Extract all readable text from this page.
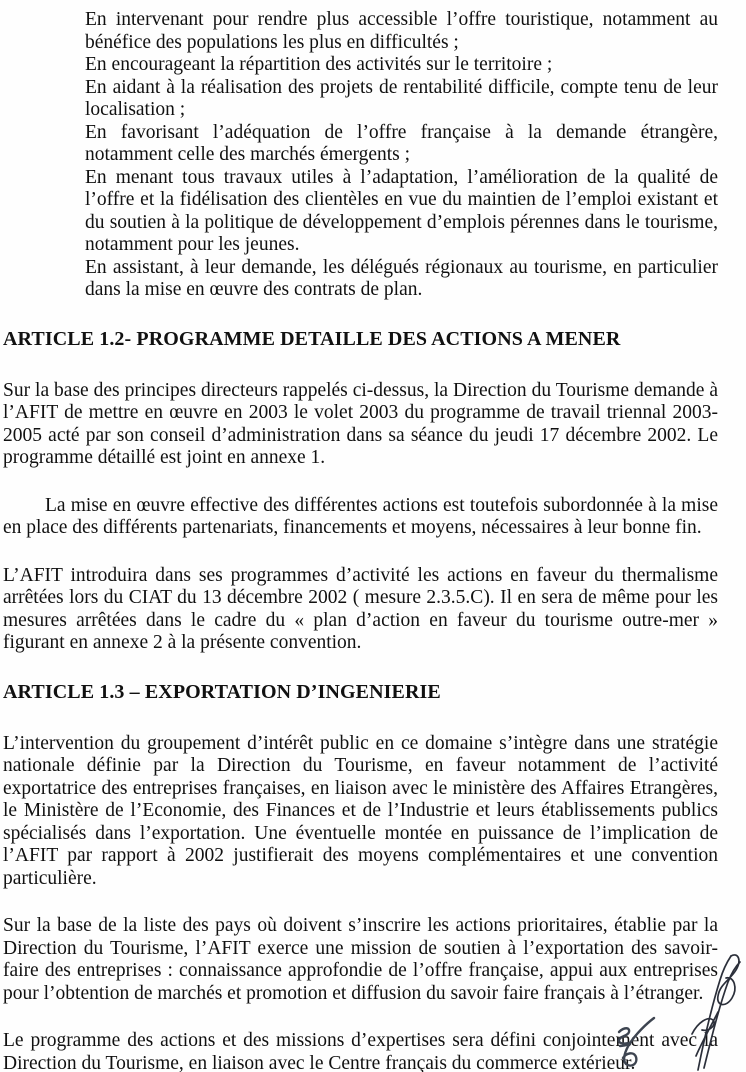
En intervenant pour rendre plus accessible l’offre touristique, notamment au bénéfice des populations les plus en difficultés ;

En encourageant la répartition des activités sur le territoire ;

En aidant à la réalisation des projets de rentabilité difficile, compte tenu de leur localisation ;

En favorisant l’adéquation de l’offre française à la demande étrangère, notamment celle des marchés émergents ;

En menant tous travaux utiles à l’adaptation, l’amélioration de la qualité de l’offre et la fidélisation des clientèles en vue du maintien de l’emploi existant et du soutien à la politique de développement d’emplois pérennes dans le tourisme, notamment pour les jeunes.

En assistant, à leur demande, les délégués régionaux au tourisme, en particulier dans la mise en œuvre des contrats de plan.

ARTICLE 1.2- PROGRAMME DETAILLE DES ACTIONS A MENER

Sur la base des principes directeurs rappelés ci-dessus, la Direction du Tourisme demande à l’AFIT de mettre en œuvre en 2003 le volet 2003 du programme de travail triennal 2003-2005 acté par son conseil d’administration dans sa séance du jeudi 17 décembre 2002. Le programme détaillé est joint en annexe 1.

La mise en œuvre effective des différentes actions est toutefois subordonnée à la mise en place des différents partenariats, financements et moyens, nécessaires à leur bonne fin.

L’AFIT introduira dans ses programmes d’activité les actions en faveur du thermalisme arrêtées lors du CIAT du 13 décembre 2002 ( mesure 2.3.5.C). Il en sera de même pour les mesures arrêtées dans le cadre du « plan d’action en faveur du tourisme outre-mer » figurant en annexe 2 à la présente convention.

ARTICLE 1.3 – EXPORTATION D’INGENIERIE

L’intervention du groupement d’intérêt public en ce domaine s’intègre dans une stratégie nationale définie par la Direction du Tourisme, en faveur notamment de l’activité exportatrice des entreprises françaises, en liaison avec le ministère des Affaires Etrangères, le Ministère de l’Economie, des Finances et de l’Industrie et leurs établissements publics spécialisés dans l’exportation. Une éventuelle montée en puissance de l’implication de l’AFIT par rapport à 2002 justifierait des moyens complémentaires et une convention particulière.

Sur la base de la liste des pays où doivent s’inscrire les actions prioritaires, établie par la Direction du Tourisme, l’AFIT exerce une mission de soutien à l’exportation des savoir-faire des entreprises : connaissance approfondie de l’offre française, appui aux entreprises pour l’obtention de marchés et promotion et diffusion du savoir faire français à l’étranger.

Le programme des actions et des missions d’expertises sera défini conjointement avec la Direction du Tourisme, en liaison avec le Centre français du commerce extérieur.
